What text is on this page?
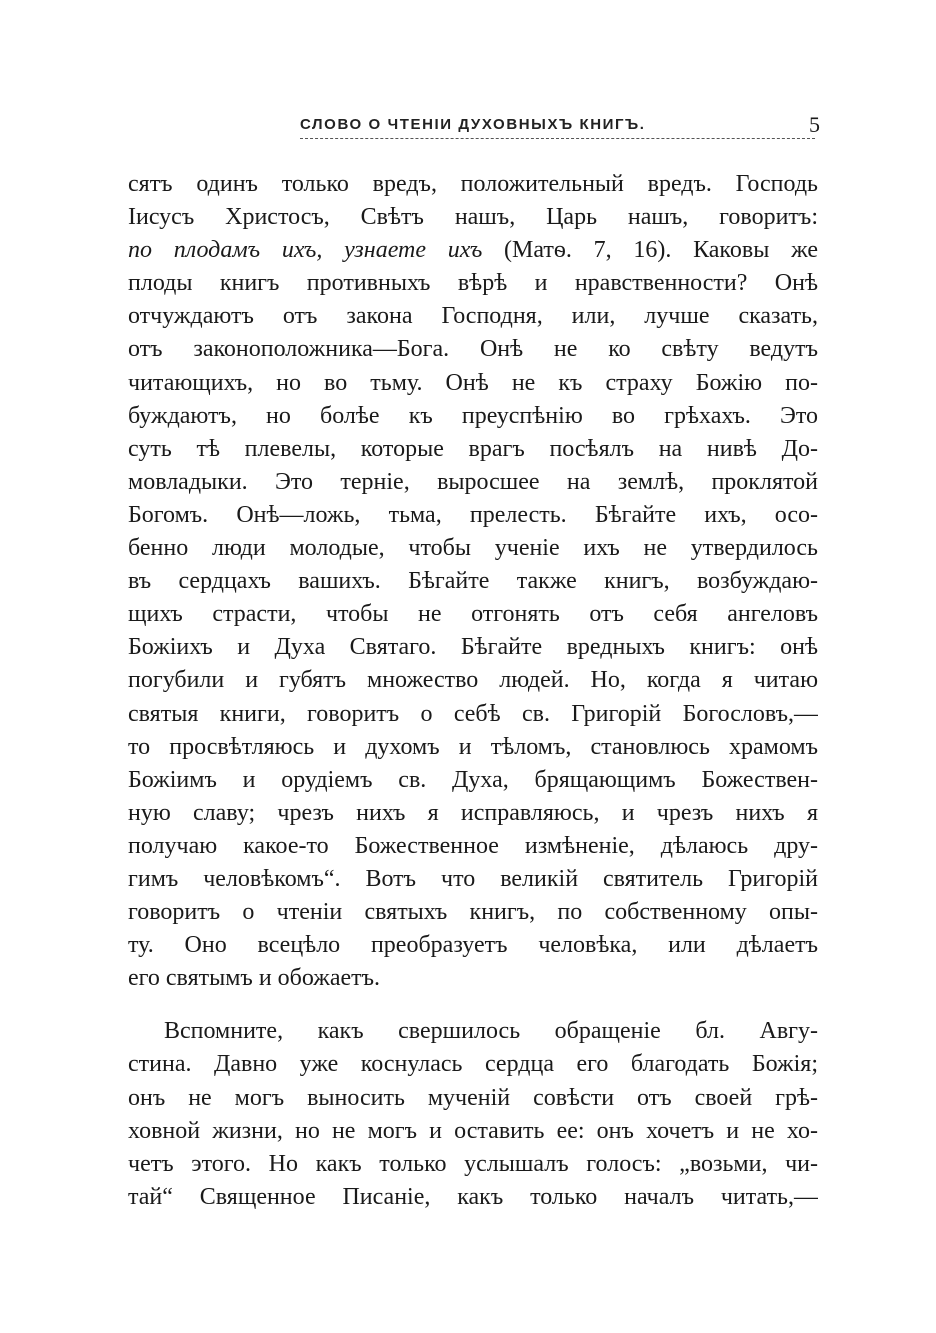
СЛОВО О ЧТЕНІИ ДУХОВНЫХЪ КНИГЪ.	5
сятъ одинъ только вредъ, положительный вредъ. Господь
Іисусъ Христосъ, Свѣтъ нашъ, Царь нашъ, говоритъ:
по плодамъ ихъ, узнаете ихъ (Матѳ. 7, 16). Каковы же
плоды книгъ противныхъ вѣрѣ и нравственности? Онѣ
отчуждаютъ отъ закона Господня, или, лучше сказать,
отъ законоположника—Бога. Онѣ не ко свѣту ведутъ
читающихъ, но во тьму. Онѣ не къ страху Божію по-
буждаютъ, но болѣе къ преуспѣнію во грѣхахъ. Это
суть тѣ плевелы, которые врагъ посѣялъ на нивѣ До-
мовладыки. Это терніе, выросшее на землѣ, проклятой
Богомъ. Онѣ—ложь, тьма, прелесть. Бѣгайте ихъ, осо-
бенно люди молодые, чтобы ученіе ихъ не утвердилось
въ сердцахъ вашихъ. Бѣгайте также книгъ, возбуждаю-
щихъ страсти, чтобы не отгонять отъ себя ангеловъ
Божіихъ и Духа Святаго. Бѣгайте вредныхъ книгъ: онѣ
погубили и губятъ множество людей. Но, когда я читаю
святыя книги, говоритъ о себѣ св. Григорій Богословъ,—
то просвѣтляюсь и духомъ и тѣломъ, становлюсь храмомъ
Божіимъ и орудіемъ св. Духа, брящающимъ Божествен-
ную славу; чрезъ нихъ я исправляюсь, и чрезъ нихъ я
получаю какое-то Божественное измѣненіе, дѣлаюсь дру-
гимъ человѣкомъ“. Вотъ что великій святитель Григорій
говоритъ о чтеніи святыхъ книгъ, по собственному опы-
ту. Оно всецѣло преобразуетъ человѣка, или дѣлаетъ
его святымъ и обожаетъ.
Вспомните, какъ свершилось обращеніе бл. Авгу-
стина. Давно уже коснулась сердца его благодать Божія;
онъ не могъ выносить мученій совѣсти отъ своей грѣ-
ховной жизни, но не могъ и оставить ее: онъ хочетъ и не хо-
четъ этого. Но какъ только услышалъ голосъ: „возьми, чи-
тай“ Священное Писаніе, какъ только началъ читать,—
